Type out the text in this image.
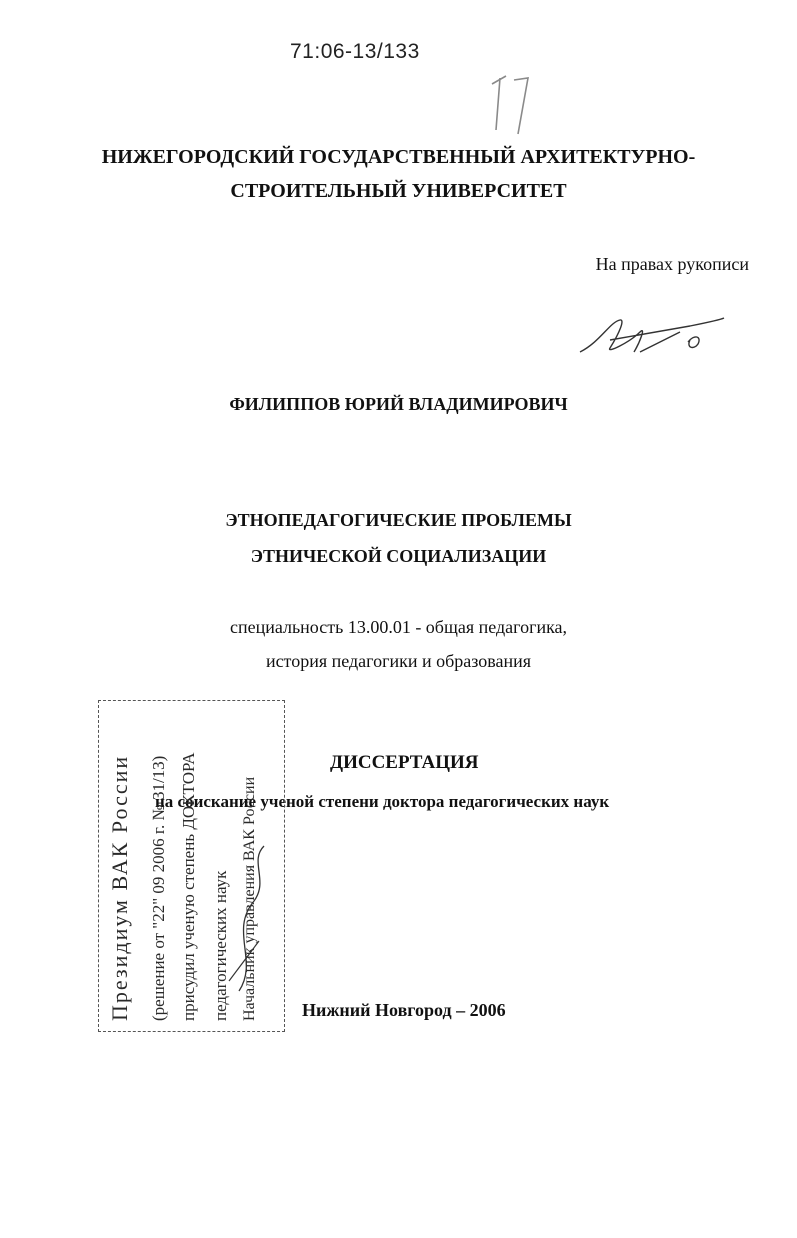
71:06-13/133
НИЖЕГОРОДСКИЙ ГОСУДАРСТВЕННЫЙ АРХИТЕКТУРНО-
СТРОИТЕЛЬНЫЙ УНИВЕРСИТЕТ
На правах рукописи
ФИЛИППОВ ЮРИЙ ВЛАДИМИРОВИЧ
ЭТНОПЕДАГОГИЧЕСКИЕ ПРОБЛЕМЫ
ЭТНИЧЕСКОЙ СОЦИАЛИЗАЦИИ
специальность 13.00.01 - общая педагогика,
история педагогики и образования
ДИССЕРТАЦИЯ
на соискание ученой степени доктора педагогических наук
Президиум ВАК России (решение от "22" 09 2006 г. № 31/13) присудил ученую степень ДОКТОРА педагогических наук Начальник управления ВАК России Нижний Новгород – 2006
